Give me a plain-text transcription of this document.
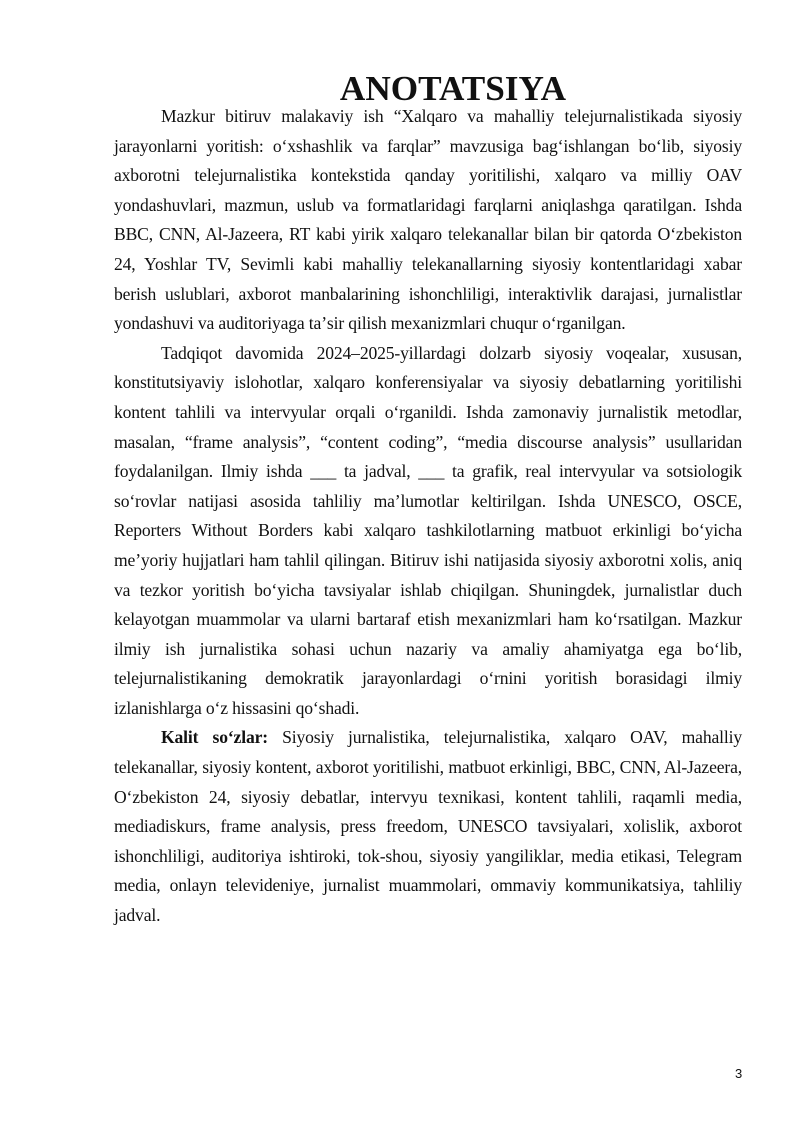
ANOTATSIYA

Mazkur bitiruv malakaviy ish “Xalqaro va mahalliy telejurnalistikada siyosiy jarayonlarni yoritish: oʻxshashlik va farqlar” mavzusiga bagʻishlangan boʻlib, siyosiy axborotni telejurnalistika kontekstida qanday yoritilishi, xalqaro va milliy OAV yondashuvlari, mazmun, uslub va formatlaridagi farqlarni aniqlashga qaratilgan. Ishda BBC, CNN, Al-Jazeera, RT kabi yirik xalqaro telekanallar bilan bir qatorda Oʻzbekiston 24, Yoshlar TV, Sevimli kabi mahalliy telekanallarning siyosiy kontentlaridagi xabar berish uslublari, axborot manbalarining ishonchliligi, interaktivlik darajasi, jurnalistlar yondashuvi va auditoriyaga taʼsir qilish mexanizmlari chuqur oʻrganilgan.

Tadqiqot davomida 2024–2025-yillardagi dolzarb siyosiy voqealar, xususan, konstitutsiyaviy islohotlar, xalqaro konferensiyalar va siyosiy debatlarning yoritilishi kontent tahlili va intervyular orqali oʻrganildi. Ishda zamonaviy jurnalistik metodlar, masalan, “frame analysis”, “content coding”, “media discourse analysis” usullaridan foydalanilgan. Ilmiy ishda ___ ta jadval, ___ ta grafik, real intervyular va sotsiologik soʻrovlar natijasi asosida tahliliy maʼlumotlar keltirilgan. Ishda UNESCO, OSCE, Reporters Without Borders kabi xalqaro tashkilotlarning matbuot erkinligi boʻyicha meʼyoriy hujjatlari ham tahlil qilingan. Bitiruv ishi natijasida siyosiy axborotni xolis, aniq va tezkor yoritish boʻyicha tavsiyalar ishlab chiqilgan. Shuningdek, jurnalistlar duch kelayotgan muammolar va ularni bartaraf etish mexanizmlari ham koʻrsatilgan. Mazkur ilmiy ish jurnalistika sohasi uchun nazariy va amaliy ahamiyatga ega boʻlib, telejurnalistikaning demokratik jarayonlardagi oʻrnini yoritish borasidagi ilmiy izlanishlarga oʻz hissasini qoʻshadi.

Kalit soʻzlar: Siyosiy jurnalistika, telejurnalistika, xalqaro OAV, mahalliy telekanallar, siyosiy kontent, axborot yoritilishi, matbuot erkinligi, BBC, CNN, Al-Jazeera, Oʻzbekiston 24, siyosiy debatlar, intervyu texnikasi, kontent tahlili, raqamli media, mediadiskurs, frame analysis, press freedom, UNESCO tavsiyalari, xolislik, axborot ishonchliligi, auditoriya ishtiroki, tok-shou, siyosiy yangiliklar, media etikasi, Telegram media, onlayn televideniye, jurnalist muammolari, ommaviy kommunikatsiya, tahliliy jadval.

3
